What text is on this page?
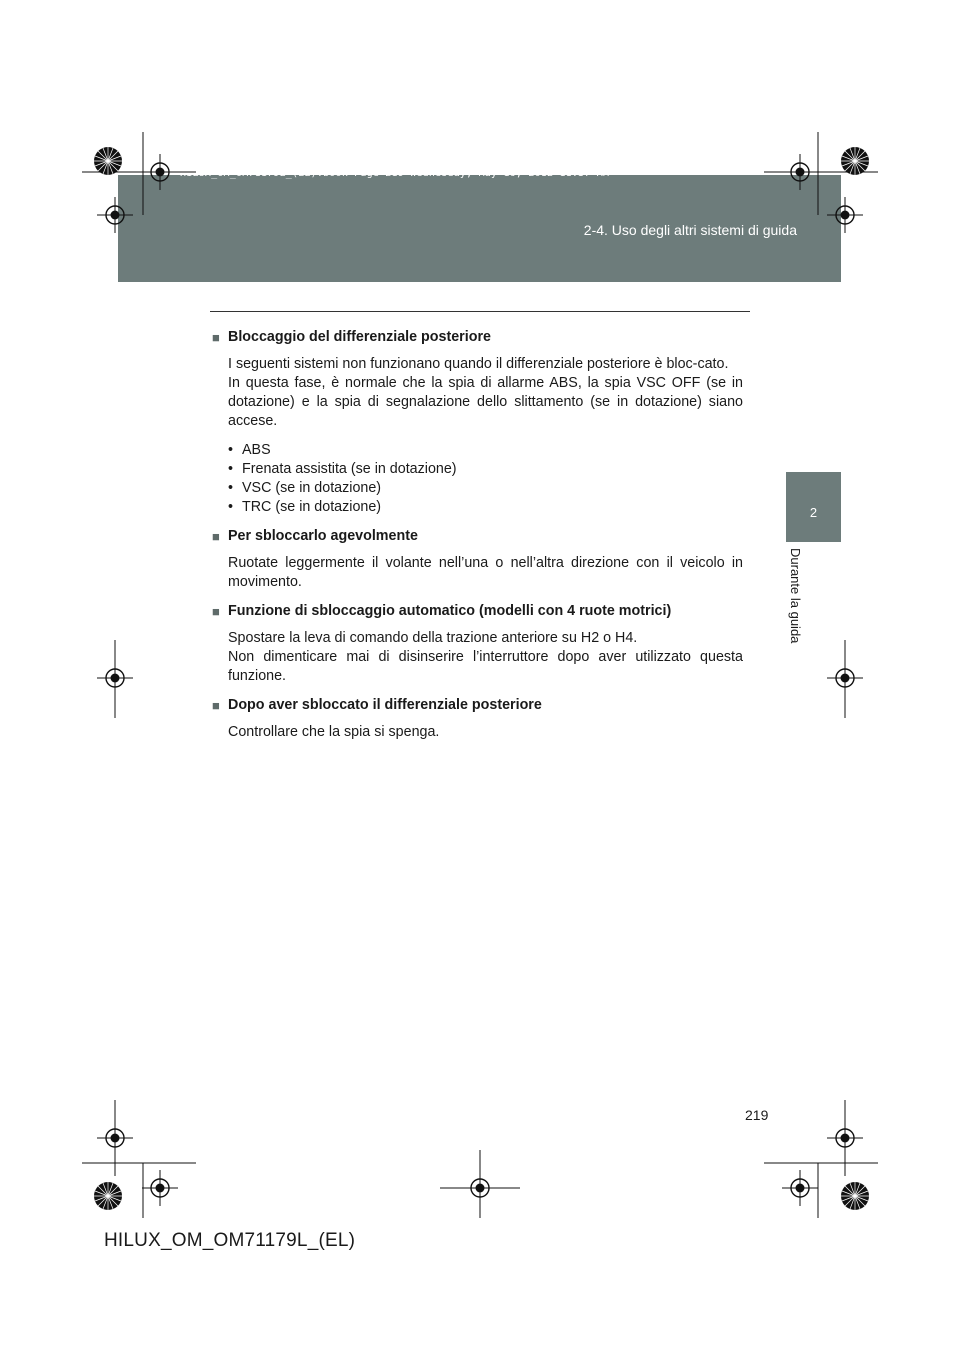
HILUX_OM_OM71179L_(EL).book Page 219 Wednesday, May 16, 2012 11:37 AM
2-4. Uso degli altri sistemi di guida
2
Durante la guida
■ Bloccaggio del differenziale posteriore

I seguenti sistemi non funzionano quando il differenziale posteriore è bloc-cato.

In questa fase, è normale che la spia di allarme ABS, la spia VSC OFF (se in dotazione) e la spia di segnalazione dello slittamento (se in dotazione) siano accese.

• ABS
• Frenata assistita (se in dotazione)
• VSC (se in dotazione)
• TRC (se in dotazione)
■ Per sbloccarlo agevolmente

Ruotate leggermente il volante nell’una o nell’altra direzione con il veicolo in movimento.

■ Funzione di sbloccaggio automatico (modelli con 4 ruote motrici)

Spostare la leva di comando della trazione anteriore su H2 o H4.

Non dimenticare mai di disinserire l’interruttore dopo aver utilizzato questa funzione.

■ Dopo aver sbloccato il differenziale posteriore

Controllare che la spia si spenga.

219
HILUX_OM_OM71179L_(EL)
